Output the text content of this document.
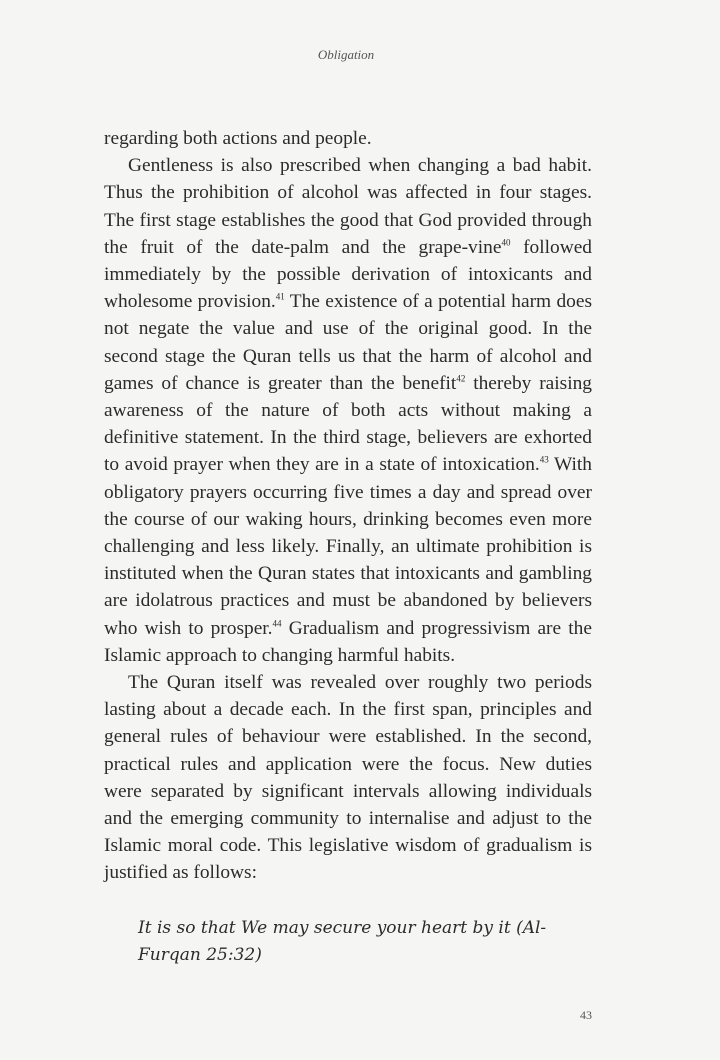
Obligation

regarding both actions and people.

Gentleness is also prescribed when changing a bad habit. Thus the prohibition of alcohol was affected in four stages. The first stage establishes the good that God provided through the fruit of the date-palm and the grape-vine$^{40}$ followed immediately by the possible derivation of intoxicants and wholesome provision.$^{41}$ The existence of a potential harm does not negate the value and use of the original good. In the second stage the Quran tells us that the harm of alcohol and games of chance is greater than the benefit$^{42}$ thereby raising awareness of the nature of both acts without making a definitive statement. In the third stage, believers are exhorted to avoid prayer when they are in a state of intoxication.$^{43}$ With obligatory prayers occurring five times a day and spread over the course of our waking hours, drinking becomes even more challenging and less likely. Finally, an ultimate prohibition is instituted when the Quran states that intoxicants and gambling are idolatrous practices and must be abandoned by believers who wish to prosper.$^{44}$ Gradualism and progressivism are the Islamic approach to changing harmful habits.

The Quran itself was revealed over roughly two periods lasting about a decade each. In the first span, principles and general rules of behaviour were established. In the second, practical rules and application were the focus. New duties were separated by significant intervals allowing individuals and the emerging community to internalise and adjust to the Islamic moral code. This legislative wisdom of gradualism is justified as follows:

It is so that We may secure your heart by it (Al-Furqan 25:32)
43
